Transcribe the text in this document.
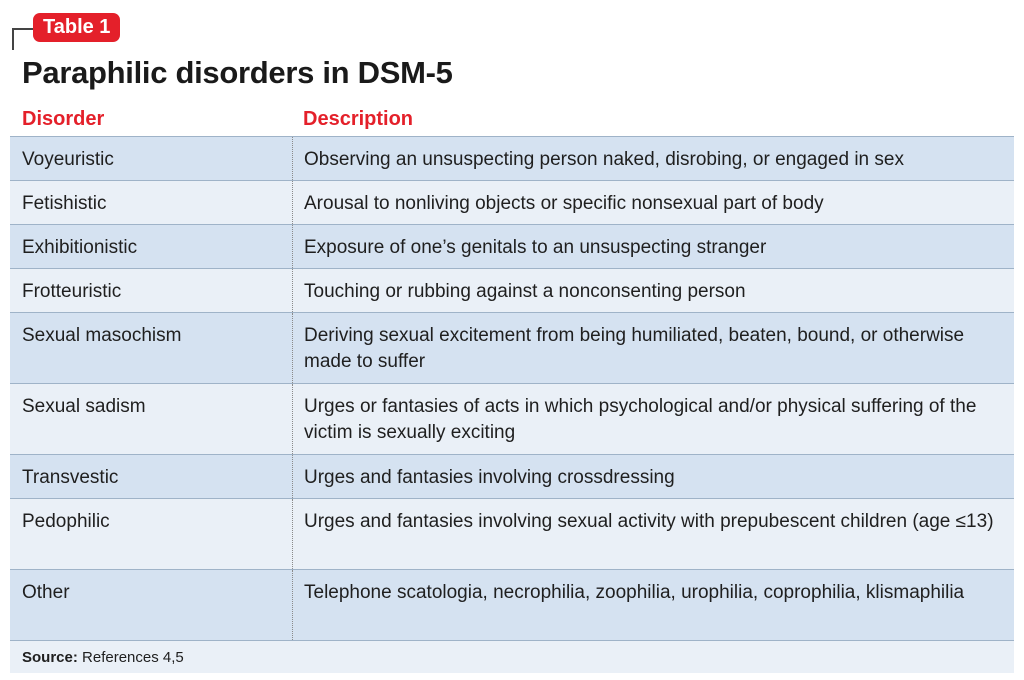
Table 1
Paraphilic disorders in DSM-5
Disorder	Description
Voyeuristic	Observing an unsuspecting person naked, disrobing, or engaged in sex
Fetishistic	Arousal to nonliving objects or specific nonsexual part of body
Exhibitionistic	Exposure of one’s genitals to an unsuspecting stranger
Frotteuristic	Touching or rubbing against a nonconsenting person
Sexual masochism	Deriving sexual excitement from being humiliated, beaten, bound, or otherwise made to suffer
Sexual sadism	Urges or fantasies of acts in which psychological and/or physical suffering of the victim is sexually exciting
Transvestic	Urges and fantasies involving crossdressing
Pedophilic	Urges and fantasies involving sexual activity with prepubescent children (age ≤13)
Other	Telephone scatologia, necrophilia, zoophilia, urophilia, coprophilia, klismaphilia
Source: References 4,5
